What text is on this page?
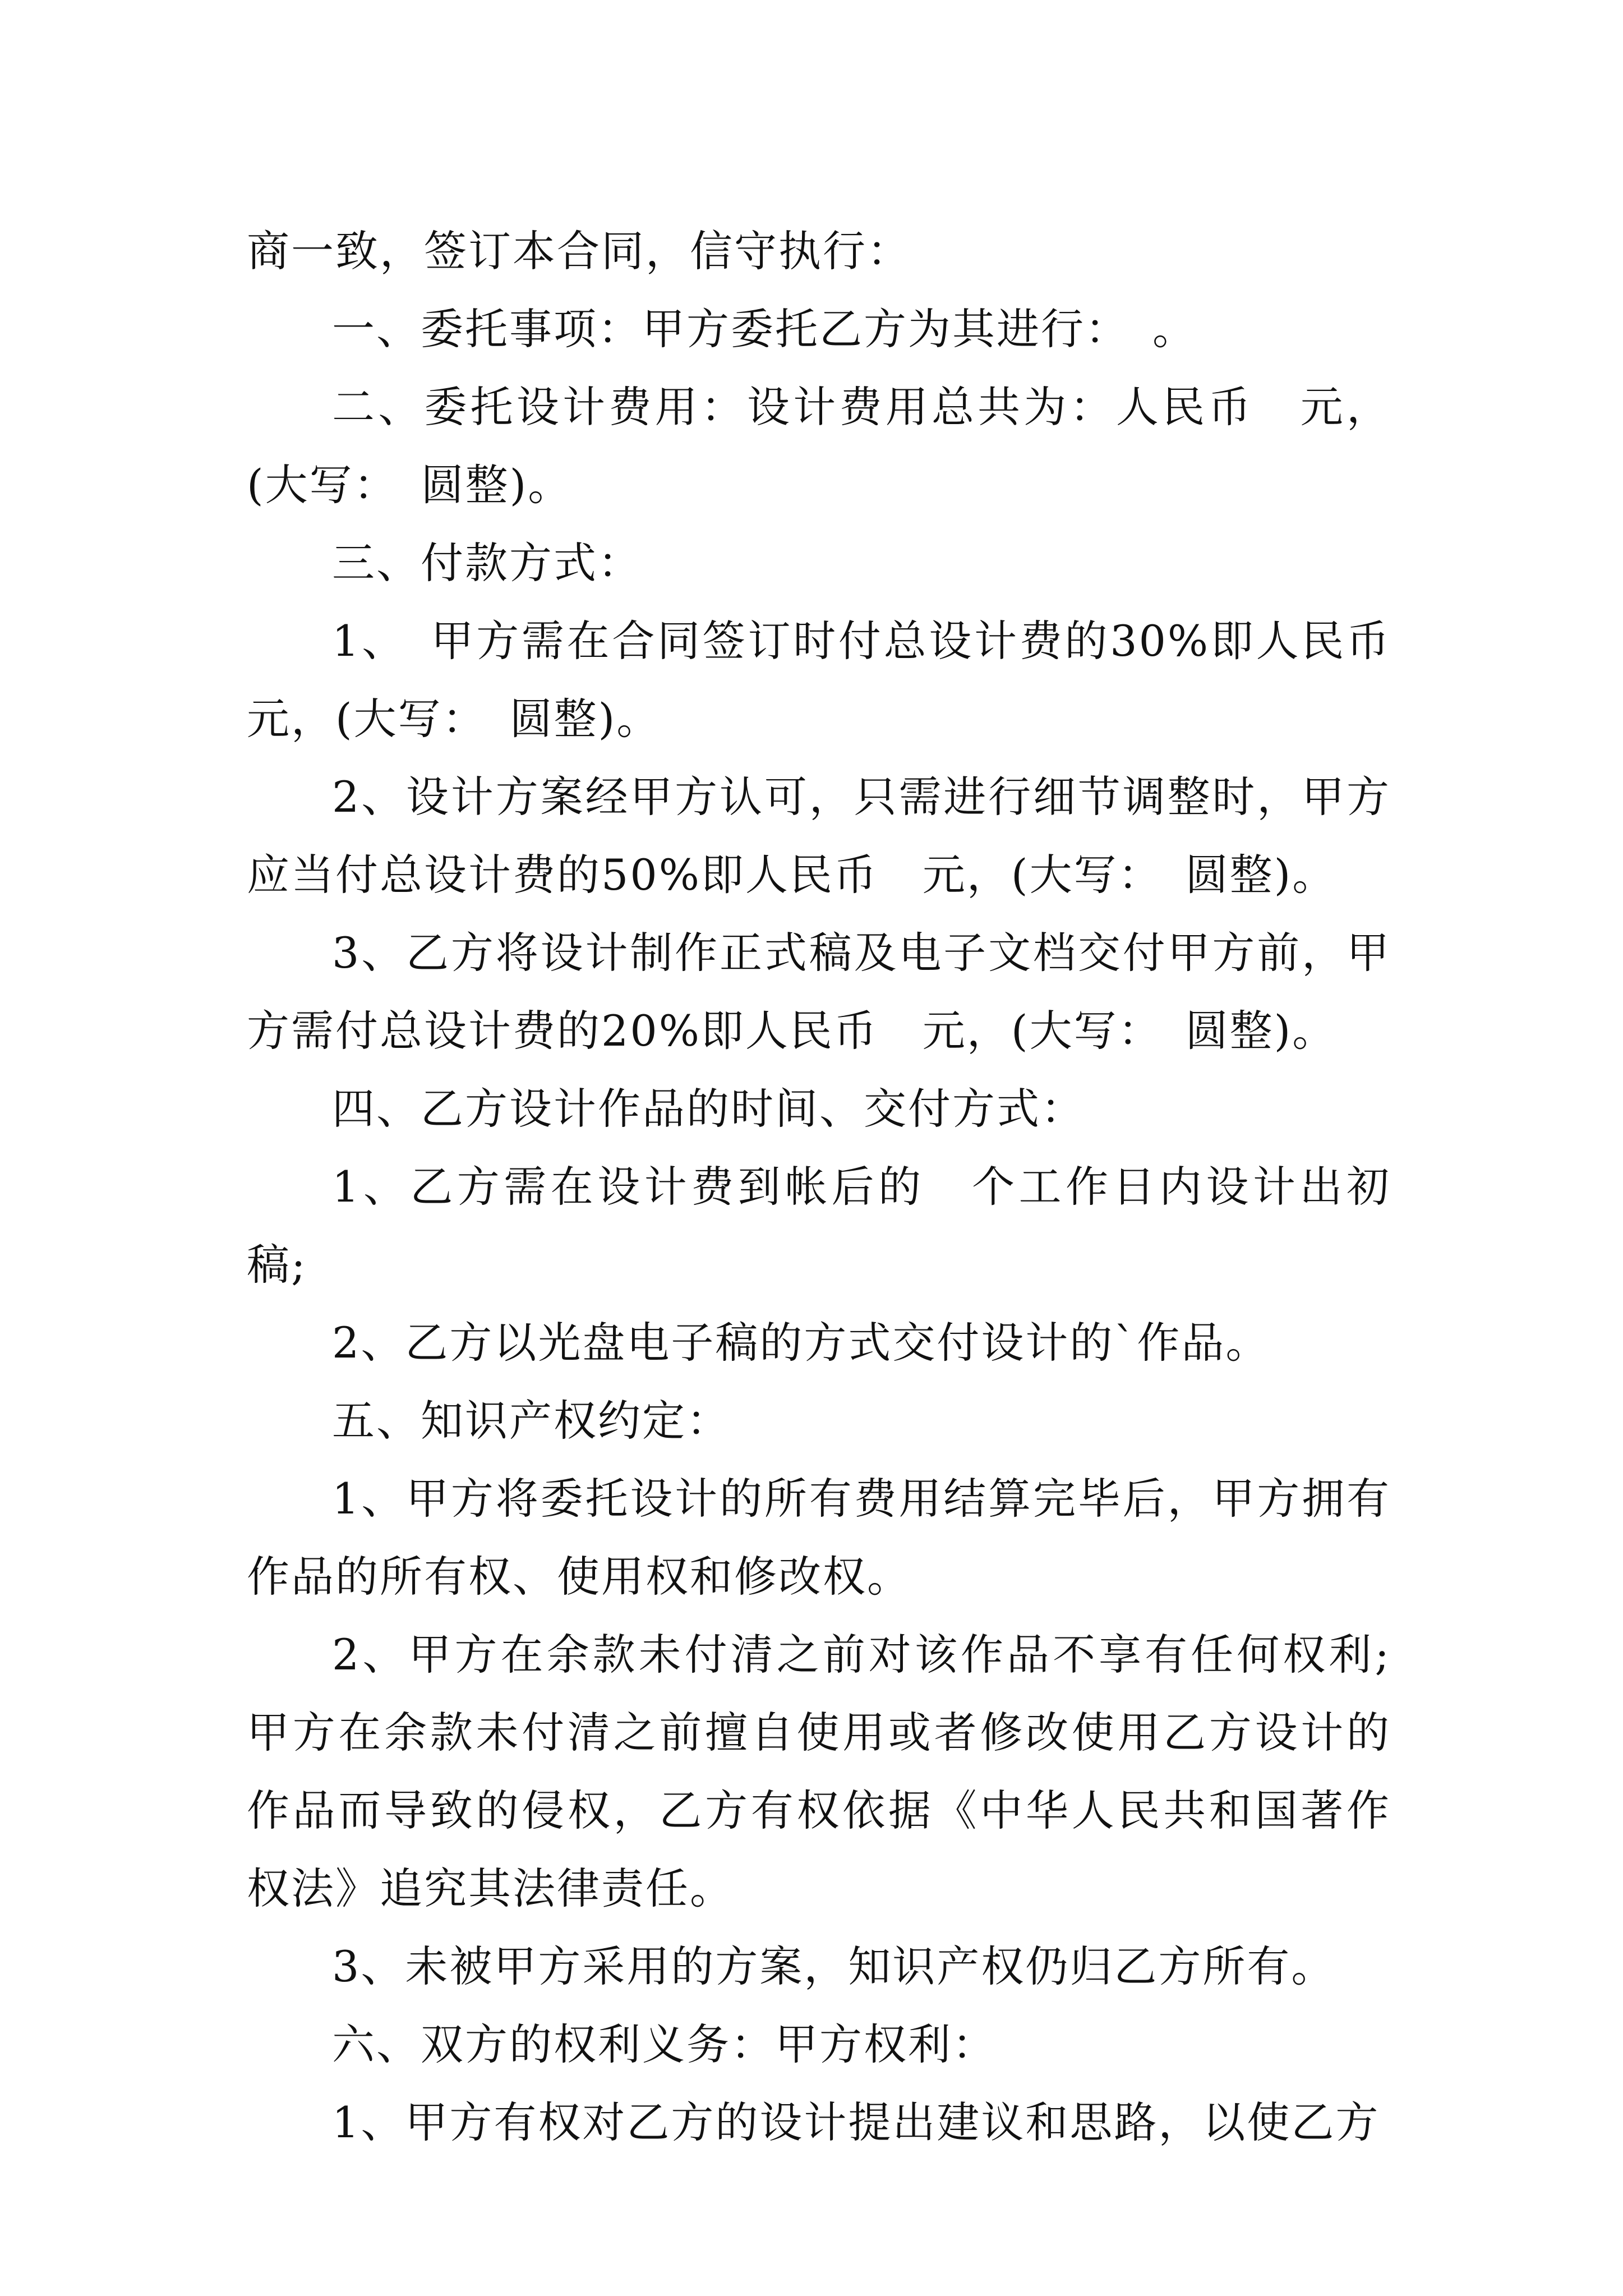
商一致，签订本合同，信守执行：

一、委托事项：甲方委托乙方为其进行：　。

二、委托设计费用：设计费用总共为：人民币　元，(大写：　圆整)。

三、付款方式：

1、　甲方需在合同签订时付总设计费的30%即人民币　元，(大写：　圆整)。

2、设计方案经甲方认可，只需进行细节调整时，甲方应当付总设计费的50%即人民币　元，(大写：　圆整)。

3、乙方将设计制作正式稿及电子文档交付甲方前，甲方需付总设计费的20%即人民币　元，(大写：　圆整)。

四、乙方设计作品的时间、交付方式：

1、乙方需在设计费到帐后的　个工作日内设计出初稿;

2、乙方以光盘电子稿的方式交付设计的`作品。

五、知识产权约定：

1、甲方将委托设计的所有费用结算完毕后，甲方拥有作品的所有权、使用权和修改权。

2、甲方在余款未付清之前对该作品不享有任何权利;甲方在余款未付清之前擅自使用或者修改使用乙方设计的作品而导致的侵权，乙方有权依据《中华人民共和国著作权法》追究其法律责任。

3、未被甲方采用的方案，知识产权仍归乙方所有。

六、双方的权利义务：甲方权利：

1、甲方有权对乙方的设计提出建议和思路，以使乙方
